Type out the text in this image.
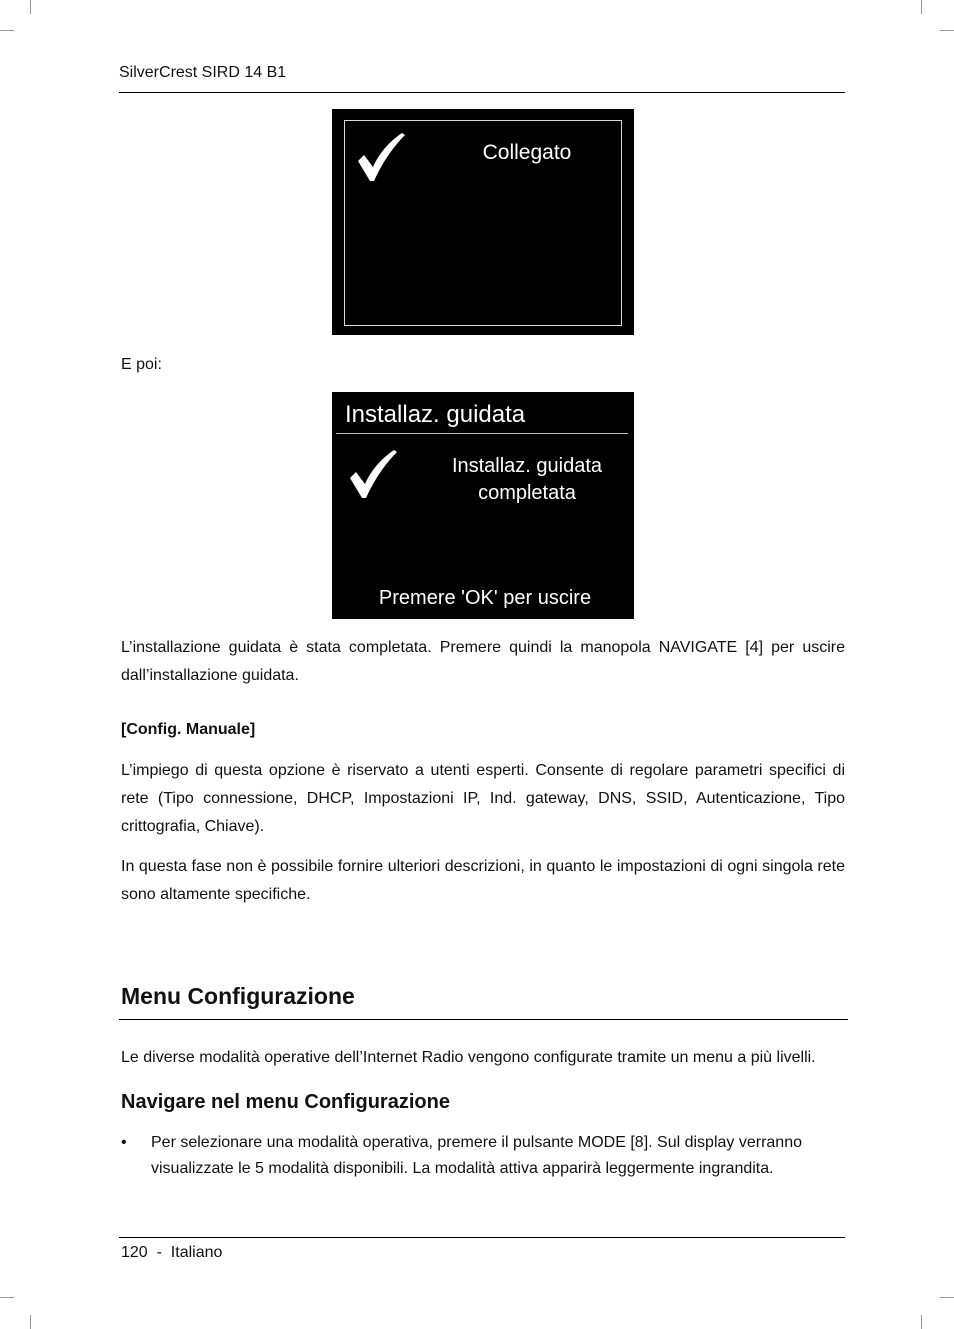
SilverCrest SIRD 14 B1
Collegato
E poi:
Installaz. guidata
Installaz. guidata
completata
Premere 'OK' per uscire
L’installazione guidata è stata completata. Premere quindi la manopola NAVIGATE [4] per uscire dall’installazione guidata.
[Config. Manuale]
L’impiego di questa opzione è riservato a utenti esperti. Consente di regolare parametri specifici di rete (Tipo connessione, DHCP, Impostazioni IP, Ind. gateway, DNS, SSID, Autenticazione, Tipo crittografia, Chiave).
In questa fase non è possibile fornire ulteriori descrizioni, in quanto le impostazioni di ogni singola rete sono altamente specifiche.
Menu Configurazione
Le diverse modalità operative dell’Internet Radio vengono configurate tramite un menu a più livelli.
Navigare nel menu Configurazione
•	Per selezionare una modalità operativa, premere il pulsante MODE [8]. Sul display verranno visualizzate le 5 modalità disponibili. La modalità attiva apparirà leggermente ingrandita.
120  -  Italiano
